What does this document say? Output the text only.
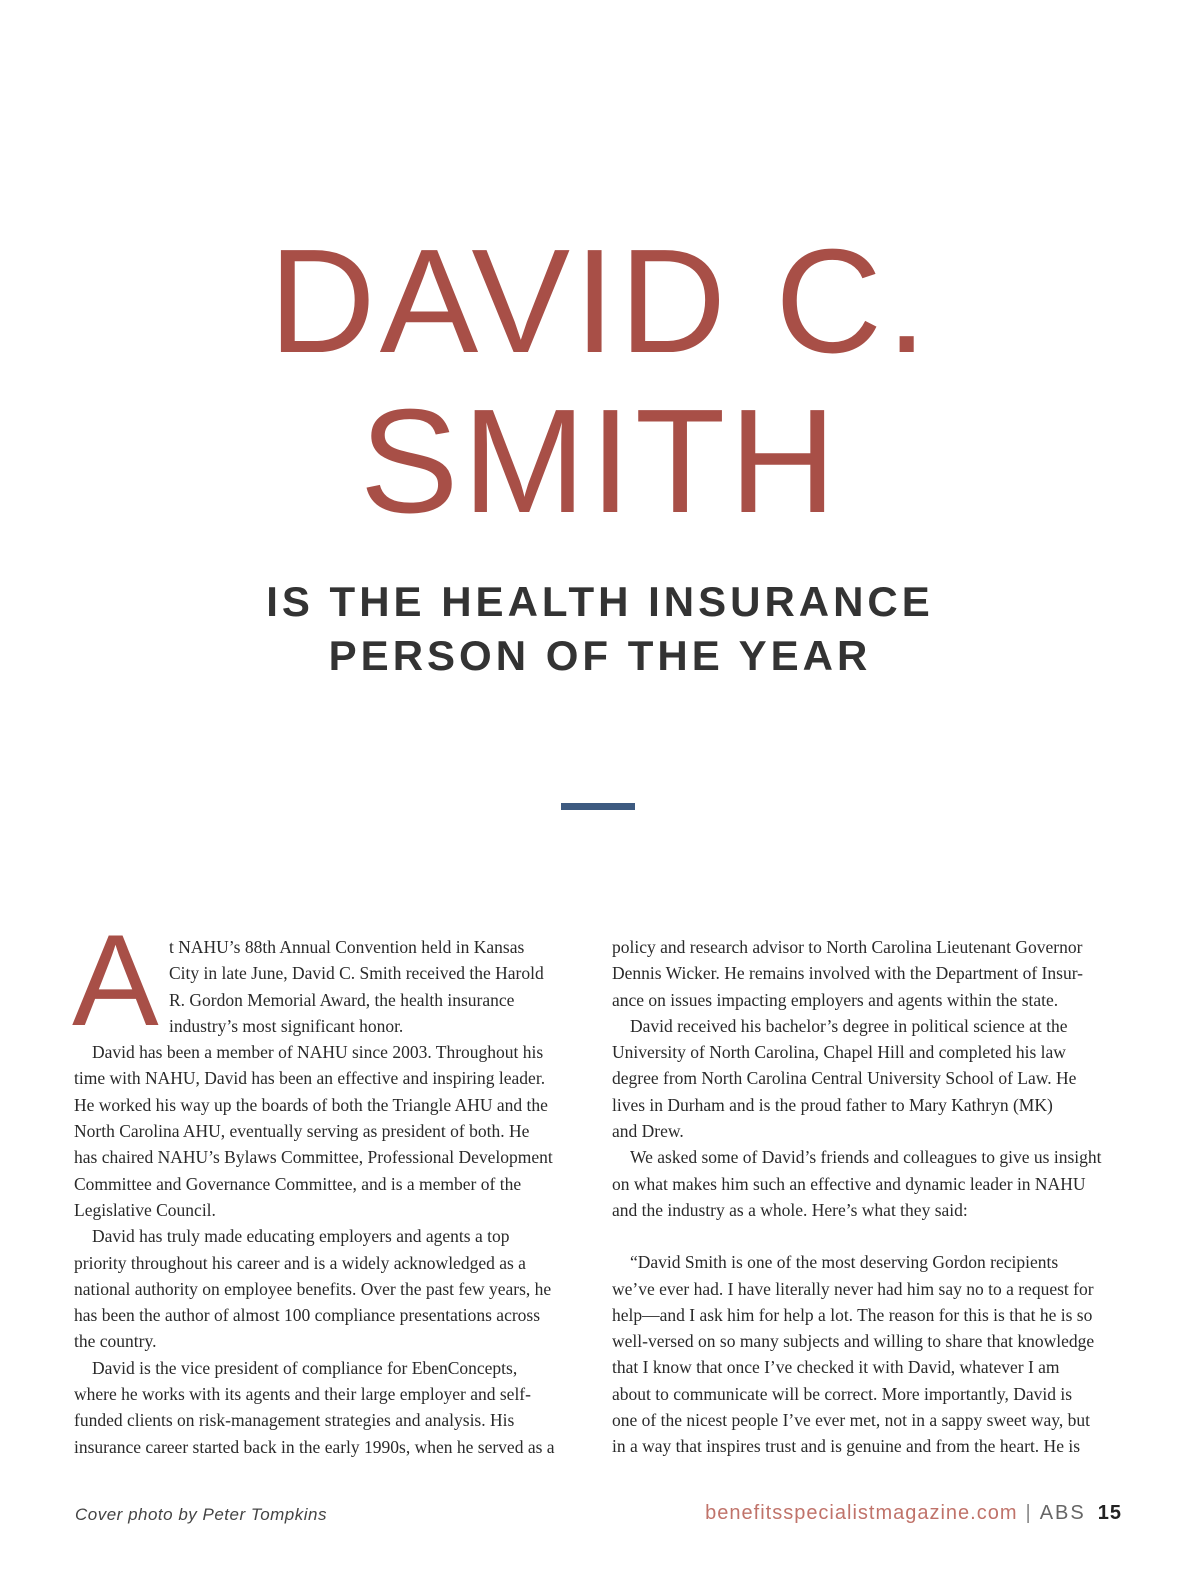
DAVID C.
SMITH
IS THE HEALTH INSURANCE
PERSON OF THE YEAR
A t NAHU’s 88th Annual Convention held in Kansas

City in late June, David C. Smith received the Harold

R. Gordon Memorial Award, the health insurance

industry’s most significant honor.

David has been a member of NAHU since 2003. Throughout his

time with NAHU, David has been an effective and inspiring leader.

He worked his way up the boards of both the Triangle AHU and the

North Carolina AHU, eventually serving as president of both. He

has chaired NAHU’s Bylaws Committee, Professional Development

Committee and Governance Committee, and is a member of the

Legislative Council.

David has truly made educating employers and agents a top

priority throughout his career and is a widely acknowledged as a

national authority on employee benefits. Over the past few years, he

has been the author of almost 100 compliance presentations across

the country.

David is the vice president of compliance for EbenConcepts,

where he works with its agents and their large employer and self-

funded clients on risk-management strategies and analysis. His

insurance career started back in the early 1990s, when he served as a

policy and research advisor to North Carolina Lieutenant Governor

Dennis Wicker. He remains involved with the Department of Insur-

ance on issues impacting employers and agents within the state.

David received his bachelor’s degree in political science at the

University of North Carolina, Chapel Hill and completed his law

degree from North Carolina Central University School of Law. He

lives in Durham and is the proud father to Mary Kathryn (MK)

and Drew.

We asked some of David’s friends and colleagues to give us insight

on what makes him such an effective and dynamic leader in NAHU

and the industry as a whole. Here’s what they said:

“David Smith is one of the most deserving Gordon recipients

we’ve ever had. I have literally never had him say no to a request for

help—and I ask him for help a lot. The reason for this is that he is so

well-versed on so many subjects and willing to share that knowledge

that I know that once I’ve checked it with David, whatever I am

about to communicate will be correct. More importantly, David is

one of the nicest people I’ve ever met, not in a sappy sweet way, but

in a way that inspires trust and is genuine and from the heart. He is

Cover photo by Peter Tompkins	benefitsspecialistmagazine.com | ABS 15
